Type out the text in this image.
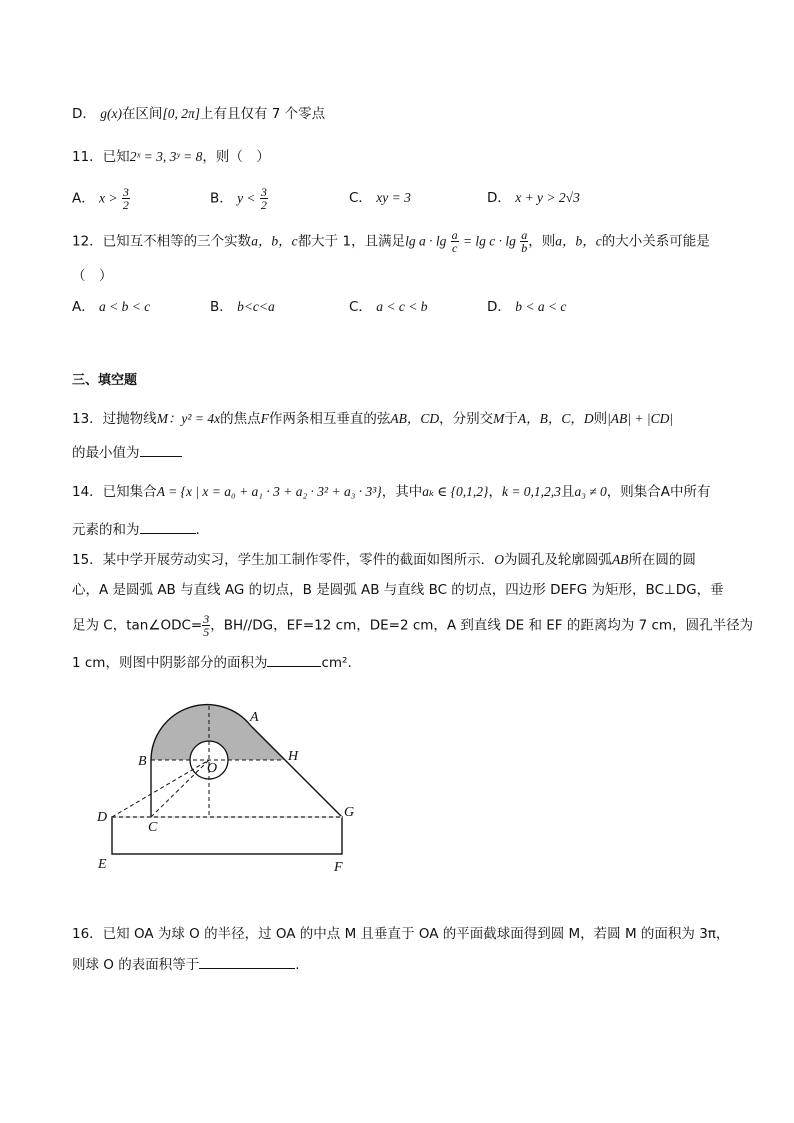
D． g(x)在区间[0, 2π]上有且仅有 7 个零点
11．已知2ˣ = 3, 3ʸ = 8，则（　）
A． $x > \frac{3}{2}$	B． $y < \frac{3}{2}$	C． xy = 3	D． x + y > 2√3
12．已知互不相等的三个实数a，b，c都大于 1，且满足$\lg a \cdot \lg \frac{a}{c} = \lg c \cdot \lg \frac{a}{b}$ ，则a，b，c的大小关系可能是
（　）
A． a < b < c	B． b<c<a	C． a < c < b	D． b < a < c
三、填空题
13．过抛物线M：y² = 4x的焦点F作两条相互垂直的弦AB，CD，分别交M于A，B，C，D则|AB| + |CD|
的最小值为
14．已知集合A = {x | x = a₀ + a₁ · 3 + a₂ · 3² + a₃ · 3³}，其中aₖ ∈ {0,1,2}，k = 0,1,2,3且a₃ ≠ 0，则集合A中所有
元素的和为	.
15．某中学开展劳动实习，学生加工制作零件，零件的截面如图所示．O为圆孔及轮廓圆弧AB所在圆的圆
心，A 是圆弧 AB 与直线 AG 的切点，B 是圆弧 AB 与直线 BC 的切点，四边形 DEFG 为矩形，BC⊥DG，垂
足为 C，tan∠ODC= $\frac{3}{5}$ ，BH//DG，EF=12 cm，DE=2 cm，A 到直线 DE 和 EF 的距离均为 7 cm，圆孔半径为
1 cm，则图中阴影部分的面积为	cm².
A
B	H
O
D
C
G
E	F
16．已知 OA 为球 O 的半径，过 OA 的中点 M 且垂直于 OA 的平面截球面得到圆 M，若圆 M 的面积为 3π，
则球 O 的表面积等于	.
